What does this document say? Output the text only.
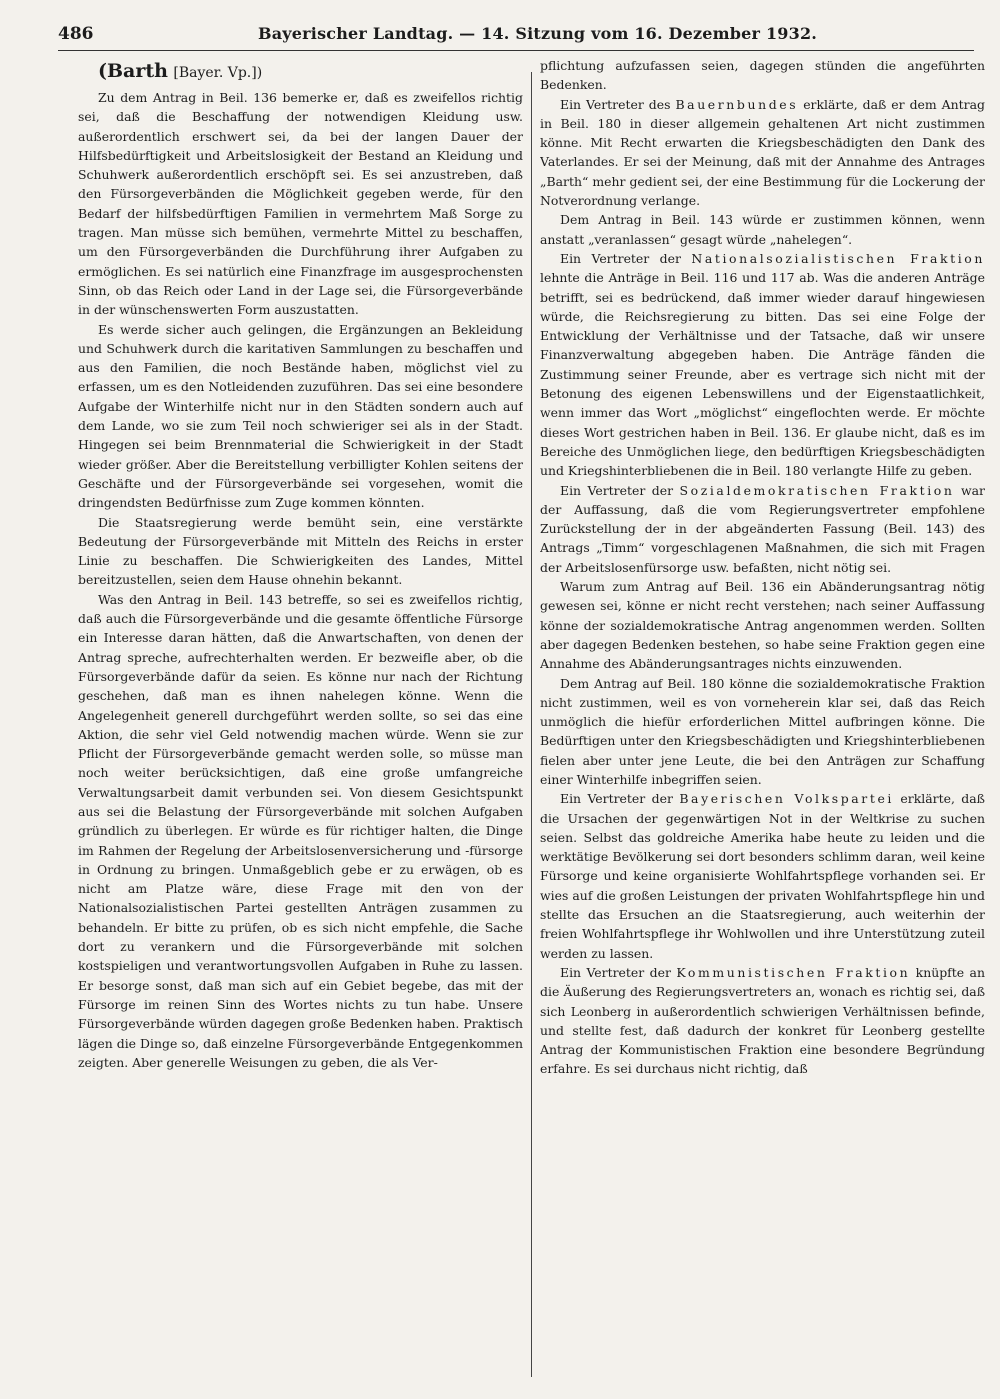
486	Bayerischer Landtag. — 14. Sitzung vom 16. Dezember 1932.

(Barth [Bayer. Vp.])

Zu dem Antrag in Beil. 136 bemerke er, daß es zweifellos richtig sei, daß die Beschaffung der notwendigen Kleidung usw. außerordentlich erschwert sei, da bei der langen Dauer der Hilfsbedürftigkeit und Arbeitslosigkeit der Bestand an Kleidung und Schuhwerk außerordentlich erschöpft sei. Es sei anzustreben, daß den Fürsorgeverbänden die Möglichkeit gegeben werde, für den Bedarf der hilfsbedürftigen Familien in vermehrtem Maß Sorge zu tragen. Man müsse sich bemühen, vermehrte Mittel zu beschaffen, um den Fürsorgeverbänden die Durchführung ihrer Aufgaben zu ermöglichen. Es sei natürlich eine Finanzfrage im ausgesprochensten Sinn, ob das Reich oder Land in der Lage sei, die Fürsorgeverbände in der wünschenswerten Form auszustatten.

Es werde sicher auch gelingen, die Ergänzungen an Bekleidung und Schuhwerk durch die karitativen Sammlungen zu beschaffen und aus den Familien, die noch Bestände haben, möglichst viel zu erfassen, um es den Notleidenden zuzuführen. Das sei eine besondere Aufgabe der Winterhilfe nicht nur in den Städten sondern auch auf dem Lande, wo sie zum Teil noch schwieriger sei als in der Stadt. Hingegen sei beim Brennmaterial die Schwierigkeit in der Stadt wieder größer. Aber die Bereitstellung verbilligter Kohlen seitens der Geschäfte und der Fürsorgeverbände sei vorgesehen, womit die dringendsten Bedürfnisse zum Zuge kommen könnten.

Die Staatsregierung werde bemüht sein, eine verstärkte Bedeutung der Fürsorgeverbände mit Mitteln des Reichs in erster Linie zu beschaffen. Die Schwierigkeiten des Landes, Mittel bereitzustellen, seien dem Hause ohnehin bekannt.

Was den Antrag in Beil. 143 betreffe, so sei es zweifellos richtig, daß auch die Fürsorgeverbände und die gesamte öffentliche Fürsorge ein Interesse daran hätten, daß die Anwartschaften, von denen der Antrag spreche, aufrechterhalten werden. Er bezweifle aber, ob die Fürsorgeverbände dafür da seien. Es könne nur nach der Richtung geschehen, daß man es ihnen nahelegen könne. Wenn die Angelegenheit generell durchgeführt werden sollte, so sei das eine Aktion, die sehr viel Geld notwendig machen würde. Wenn sie zur Pflicht der Fürsorgeverbände gemacht werden solle, so müsse man noch weiter berücksichtigen, daß eine große umfangreiche Verwaltungsarbeit damit verbunden sei. Von diesem Gesichtspunkt aus sei die Belastung der Fürsorgeverbände mit solchen Aufgaben gründlich zu überlegen. Er würde es für richtiger halten, die Dinge im Rahmen der Regelung der Arbeitslosenversicherung und -fürsorge in Ordnung zu bringen. Unmaßgeblich gebe er zu erwägen, ob es nicht am Platze wäre, diese Frage mit den von der Nationalsozialistischen Partei gestellten Anträgen zusammen zu behandeln. Er bitte zu prüfen, ob es sich nicht empfehle, die Sache dort zu verankern und die Fürsorgeverbände mit solchen kostspieligen und verantwortungsvollen Aufgaben in Ruhe zu lassen. Er besorge sonst, daß man sich auf ein Gebiet begebe, das mit der Fürsorge im reinen Sinn des Wortes nichts zu tun habe. Unsere Fürsorgeverbände würden dagegen große Bedenken haben. Praktisch lägen die Dinge so, daß einzelne Fürsorgeverbände Entgegenkommen zeigten. Aber generelle Weisungen zu geben, die als Ver-

pflichtung aufzufassen seien, dagegen stünden die angeführten Bedenken.

Ein Vertreter des Bauernbundes erklärte, daß er dem Antrag in Beil. 180 in dieser allgemein gehaltenen Art nicht zustimmen könne. Mit Recht erwarten die Kriegsbeschädigten den Dank des Vaterlandes. Er sei der Meinung, daß mit der Annahme des Antrages „Barth“ mehr gedient sei, der eine Bestimmung für die Lockerung der Notverordnung verlange.

Dem Antrag in Beil. 143 würde er zustimmen können, wenn anstatt „veranlassen“ gesagt würde „nahelegen“.

Ein Vertreter der Nationalsozialistischen Fraktion lehnte die Anträge in Beil. 116 und 117 ab. Was die anderen Anträge betrifft, sei es bedrückend, daß immer wieder darauf hingewiesen würde, die Reichsregierung zu bitten. Das sei eine Folge der Entwicklung der Verhältnisse und der Tatsache, daß wir unsere Finanzverwaltung abgegeben haben. Die Anträge fänden die Zustimmung seiner Freunde, aber es vertrage sich nicht mit der Betonung des eigenen Lebenswillens und der Eigenstaatlichkeit, wenn immer das Wort „möglichst“ eingeflochten werde. Er möchte dieses Wort gestrichen haben in Beil. 136. Er glaube nicht, daß es im Bereiche des Unmöglichen liege, den bedürftigen Kriegsbeschädigten und Kriegshinterbliebenen die in Beil. 180 verlangte Hilfe zu geben.

Ein Vertreter der Sozialdemokratischen Fraktion war der Auffassung, daß die vom Regierungsvertreter empfohlene Zurückstellung der in der abgeänderten Fassung (Beil. 143) des Antrags „Timm“ vorgeschlagenen Maßnahmen, die sich mit Fragen der Arbeitslosenfürsorge usw. befaßten, nicht nötig sei.

Warum zum Antrag auf Beil. 136 ein Abänderungsantrag nötig gewesen sei, könne er nicht recht verstehen; nach seiner Auffassung könne der sozialdemokratische Antrag angenommen werden. Sollten aber dagegen Bedenken bestehen, so habe seine Fraktion gegen eine Annahme des Abänderungsantrages nichts einzuwenden.

Dem Antrag auf Beil. 180 könne die sozialdemokratische Fraktion nicht zustimmen, weil es von vorneherein klar sei, daß das Reich unmöglich die hiefür erforderlichen Mittel aufbringen könne. Die Bedürftigen unter den Kriegsbeschädigten und Kriegshinterbliebenen fielen aber unter jene Leute, die bei den Anträgen zur Schaffung einer Winterhilfe inbegriffen seien.

Ein Vertreter der Bayerischen Volkspartei erklärte, daß die Ursachen der gegenwärtigen Not in der Weltkrise zu suchen seien. Selbst das goldreiche Amerika habe heute zu leiden und die werktätige Bevölkerung sei dort besonders schlimm daran, weil keine Fürsorge und keine organisierte Wohlfahrtspflege vorhanden sei. Er wies auf die großen Leistungen der privaten Wohlfahrtspflege hin und stellte das Ersuchen an die Staatsregierung, auch weiterhin der freien Wohlfahrtspflege ihr Wohlwollen und ihre Unterstützung zuteil werden zu lassen.

Ein Vertreter der Kommunistischen Fraktion knüpfte an die Äußerung des Regierungsvertreters an, wonach es richtig sei, daß sich Leonberg in außerordentlich schwierigen Verhältnissen befinde, und stellte fest, daß dadurch der konkret für Leonberg gestellte Antrag der Kommunistischen Fraktion eine besondere Begründung erfahre. Es sei durchaus nicht richtig, daß
